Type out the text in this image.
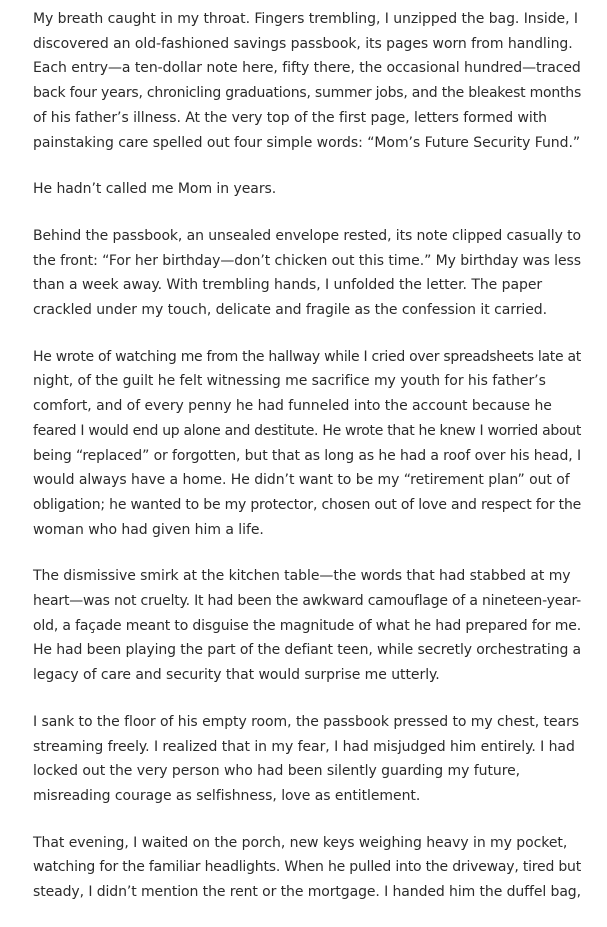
My breath caught in my throat. Fingers trembling, I unzipped the bag. Inside, I
discovered an old-fashioned savings passbook, its pages worn from handling.
Each entry—a ten-dollar note here, fifty there, the occasional hundred—traced
back four years, chronicling graduations, summer jobs, and the bleakest months
of his father’s illness. At the very top of the first page, letters formed with
painstaking care spelled out four simple words: “Mom’s Future Security Fund.”

He hadn’t called me Mom in years.

Behind the passbook, an unsealed envelope rested, its note clipped casually to
the front: “For her birthday—don’t chicken out this time.” My birthday was less
than a week away. With trembling hands, I unfolded the letter. The paper
crackled under my touch, delicate and fragile as the confession it carried.

He wrote of watching me from the hallway while I cried over spreadsheets late at
night, of the guilt he felt witnessing me sacrifice my youth for his father’s
comfort, and of every penny he had funneled into the account because he
feared I would end up alone and destitute. He wrote that he knew I worried about
being “replaced” or forgotten, but that as long as he had a roof over his head, I
would always have a home. He didn’t want to be my “retirement plan” out of
obligation; he wanted to be my protector, chosen out of love and respect for the
woman who had given him a life.

The dismissive smirk at the kitchen table—the words that had stabbed at my
heart—was not cruelty. It had been the awkward camouflage of a nineteen-year-
old, a façade meant to disguise the magnitude of what he had prepared for me.
He had been playing the part of the defiant teen, while secretly orchestrating a
legacy of care and security that would surprise me utterly.

I sank to the floor of his empty room, the passbook pressed to my chest, tears
streaming freely. I realized that in my fear, I had misjudged him entirely. I had
locked out the very person who had been silently guarding my future,
misreading courage as selfishness, love as entitlement.

That evening, I waited on the porch, new keys weighing heavy in my pocket,
watching for the familiar headlights. When he pulled into the driveway, tired but
steady, I didn’t mention the rent or the mortgage. I handed him the duffel bag,
